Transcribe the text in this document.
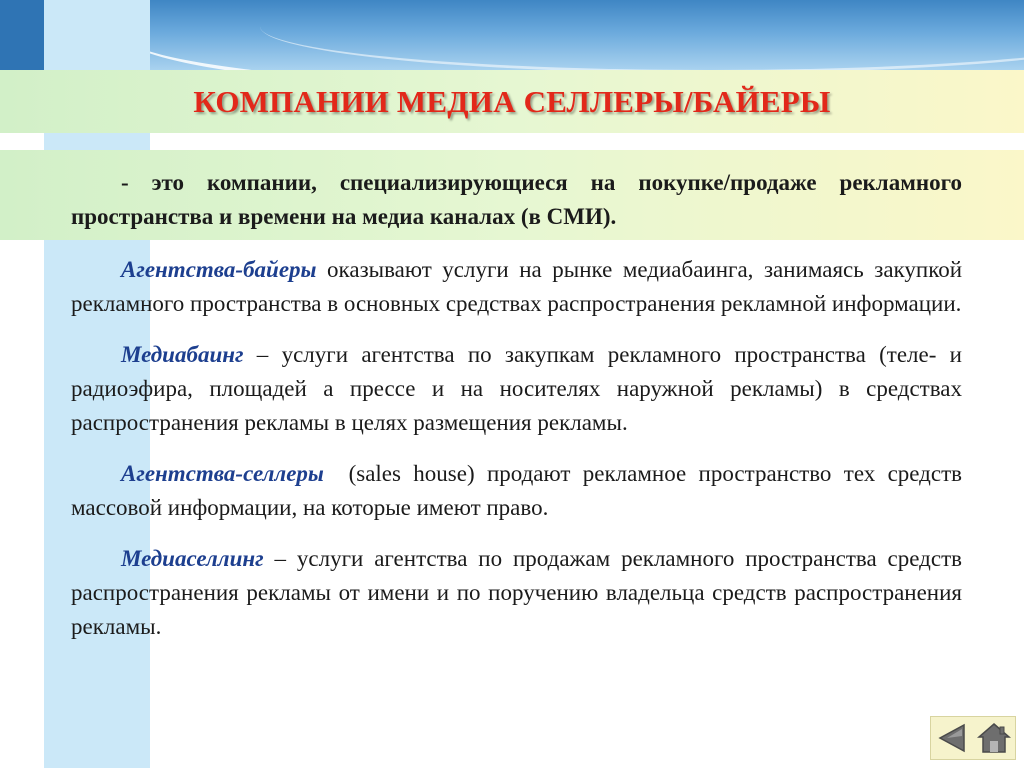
КОМПАНИИ МЕДИА СЕЛЛЕРЫ/БАЙЕРЫ

- это компании, специализирующиеся на покупке/продаже рекламного пространства и времени на медиа каналах (в СМИ).

Агентства-байеры оказывают услуги на рынке медиабаинга, занимаясь закупкой рекламного пространства в основных средствах распространения рекламной информации.

Медиабаинг – услуги агентства по закупкам рекламного пространства (теле- и радиоэфира, площадей а прессе и на носителях наружной рекламы) в средствах распространения рекламы в целях размещения рекламы.

Агентства-селлеры (sales house) продают рекламное пространство тех средств массовой информации, на которые имеют право.

Медиаселлинг – услуги агентства по продажам рекламного пространства средств распространения рекламы от имени и по поручению владельца средств распространения рекламы.
